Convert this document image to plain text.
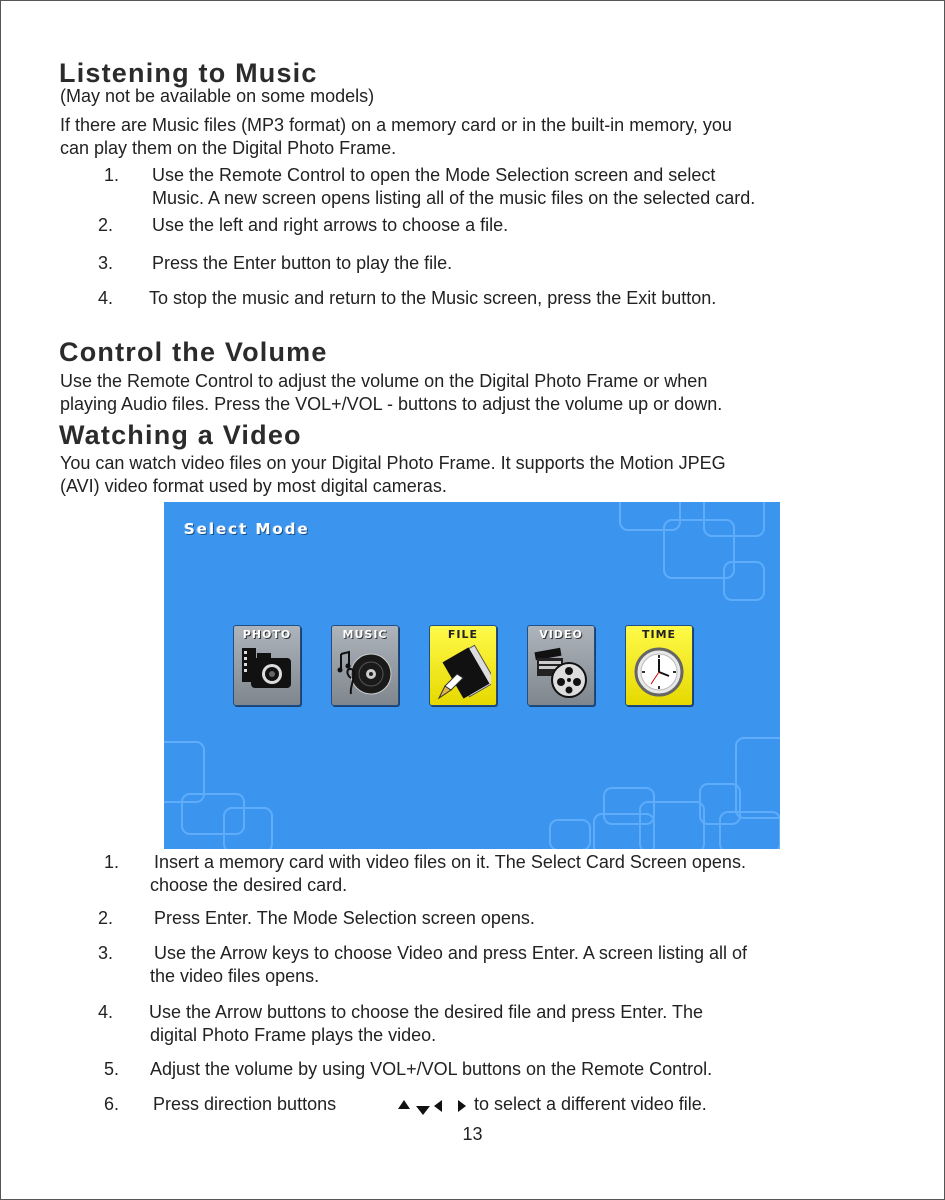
Listening to Music
(May not be available on some models)
If there are Music files (MP3 format) on a memory card or in the built-in memory, you
can play them on the Digital Photo Frame.
1. Use the Remote Control to open the Mode Selection screen and select
Music. A new screen opens listing all of the music files on the selected card.
2. Use the left and right arrows to choose a file.
3. Press the Enter button to play the file.
4. To stop the music and return to the Music screen, press the Exit button.
Control the Volume
Use the Remote Control to adjust the volume on the Digital Photo Frame or when
playing Audio files. Press the VOL+/VOL - buttons to adjust the volume up or down.
Watching a Video
You can watch video files on your Digital Photo Frame. It supports the Motion JPEG
(AVI) video format used by most digital cameras.
Select Mode
PHOTO	MUSIC	FILE	VIDEO	TIME
1. Insert a memory card with video files on it. The Select Card Screen opens.
choose the desired card.
2. Press Enter. The Mode Selection screen opens.
3. Use the Arrow keys to choose Video and press Enter. A screen listing all of
the video files opens.
4. Use the Arrow buttons to choose the desired file and press Enter. The
digital Photo Frame plays the video.
5. Adjust the volume by using VOL+/VOL buttons on the Remote Control.
6. Press direction buttons	to select a different video file.
13
